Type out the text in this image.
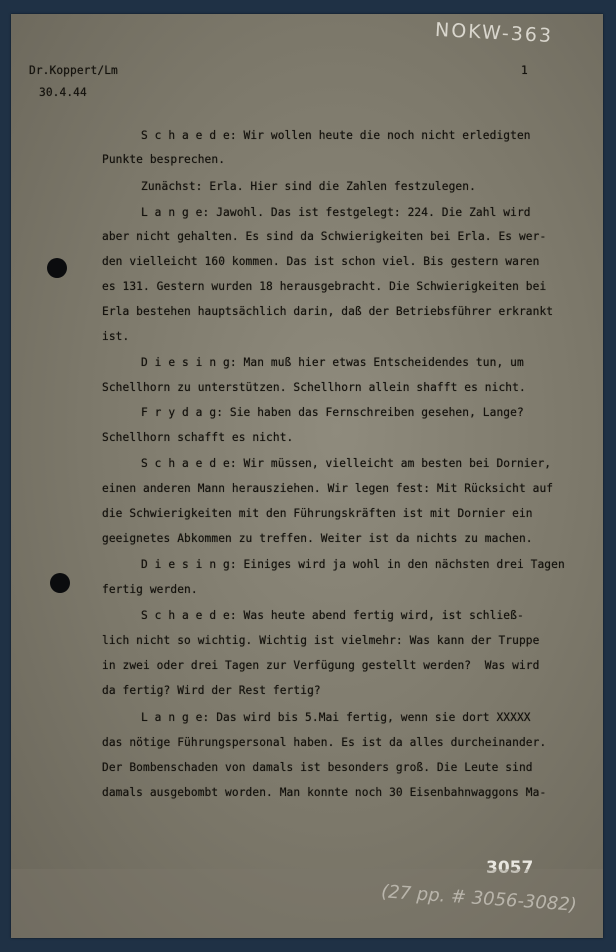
NOKW-363
Dr.Koppert/Lm
30.4.44
1
S c h a e d e: Wir wollen heute die noch nicht erledigten
Punkte besprechen.
Zunächst: Erla. Hier sind die Zahlen festzulegen.
L a n g e: Jawohl. Das ist festgelegt: 224. Die Zahl wird
aber nicht gehalten. Es sind da Schwierigkeiten bei Erla. Es wer-
den vielleicht 160 kommen. Das ist schon viel. Bis gestern waren
es 131. Gestern wurden 18 herausgebracht. Die Schwierigkeiten bei
Erla bestehen hauptsächlich darin, daß der Betriebsführer erkrankt
ist.
D i e s i n g: Man muß hier etwas Entscheidendes tun, um
Schellhorn zu unterstützen. Schellhorn allein shafft es nicht.
F r y d a g: Sie haben das Fernschreiben gesehen, Lange?
Schellhorn schafft es nicht.
S c h a e d e: Wir müssen, vielleicht am besten bei Dornier,
einen anderen Mann herausziehen. Wir legen fest: Mit Rücksicht auf
die Schwierigkeiten mit den Führungskräften ist mit Dornier ein
geeignetes Abkommen zu treffen. Weiter ist da nichts zu machen.
D i e s i n g: Einiges wird ja wohl in den nächsten drei Tagen
fertig werden.
S c h a e d e: Was heute abend fertig wird, ist schließ-
lich nicht so wichtig. Wichtig ist vielmehr: Was kann der Truppe
in zwei oder drei Tagen zur Verfügung gestellt werden?  Was wird
da fertig? Wird der Rest fertig?
L a n g e: Das wird bis 5.Mai fertig, wenn sie dort XXXXX
das nötige Führungspersonal haben. Es ist da alles durcheinander.
Der Bombenschaden von damals ist besonders groß. Die Leute sind
damals ausgebombt worden. Man konnte noch 30 Eisenbahnwaggons Ma-
3057
(27 pp. # 3056-3082)
